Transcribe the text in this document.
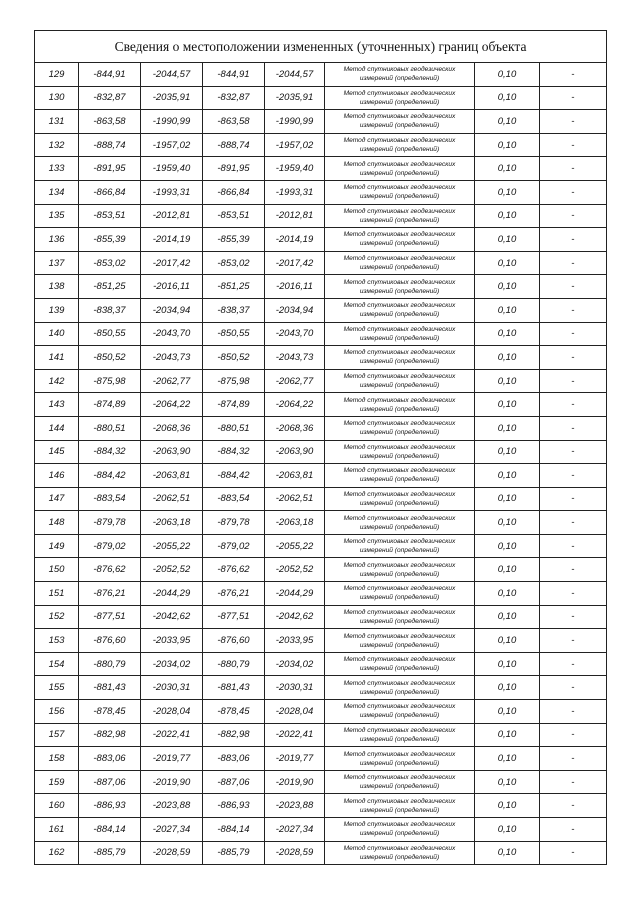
Сведения о местоположении измененных (уточненных) границ объекта							
129	-844,91	-2044,57	-844,91	-2044,57	Метод спутниковых геодезических
измерений (определений)	0,10	-
130	-832,87	-2035,91	-832,87	-2035,91	Метод спутниковых геодезических
измерений (определений)	0,10	-
131	-863,58	-1990,99	-863,58	-1990,99	Метод спутниковых геодезических
измерений (определений)	0,10	-
132	-888,74	-1957,02	-888,74	-1957,02	Метод спутниковых геодезических
измерений (определений)	0,10	-
133	-891,95	-1959,40	-891,95	-1959,40	Метод спутниковых геодезических
измерений (определений)	0,10	-
134	-866,84	-1993,31	-866,84	-1993,31	Метод спутниковых геодезических
измерений (определений)	0,10	-
135	-853,51	-2012,81	-853,51	-2012,81	Метод спутниковых геодезических
измерений (определений)	0,10	-
136	-855,39	-2014,19	-855,39	-2014,19	Метод спутниковых геодезических
измерений (определений)	0,10	-
137	-853,02	-2017,42	-853,02	-2017,42	Метод спутниковых геодезических
измерений (определений)	0,10	-
138	-851,25	-2016,11	-851,25	-2016,11	Метод спутниковых геодезических
измерений (определений)	0,10	-
139	-838,37	-2034,94	-838,37	-2034,94	Метод спутниковых геодезических
измерений (определений)	0,10	-
140	-850,55	-2043,70	-850,55	-2043,70	Метод спутниковых геодезических
измерений (определений)	0,10	-
141	-850,52	-2043,73	-850,52	-2043,73	Метод спутниковых геодезических
измерений (определений)	0,10	-
142	-875,98	-2062,77	-875,98	-2062,77	Метод спутниковых геодезических
измерений (определений)	0,10	-
143	-874,89	-2064,22	-874,89	-2064,22	Метод спутниковых геодезических
измерений (определений)	0,10	-
144	-880,51	-2068,36	-880,51	-2068,36	Метод спутниковых геодезических
измерений (определений)	0,10	-
145	-884,32	-2063,90	-884,32	-2063,90	Метод спутниковых геодезических
измерений (определений)	0,10	-
146	-884,42	-2063,81	-884,42	-2063,81	Метод спутниковых геодезических
измерений (определений)	0,10	-
147	-883,54	-2062,51	-883,54	-2062,51	Метод спутниковых геодезических
измерений (определений)	0,10	-
148	-879,78	-2063,18	-879,78	-2063,18	Метод спутниковых геодезических
измерений (определений)	0,10	-
149	-879,02	-2055,22	-879,02	-2055,22	Метод спутниковых геодезических
измерений (определений)	0,10	-
150	-876,62	-2052,52	-876,62	-2052,52	Метод спутниковых геодезических
измерений (определений)	0,10	-
151	-876,21	-2044,29	-876,21	-2044,29	Метод спутниковых геодезических
измерений (определений)	0,10	-
152	-877,51	-2042,62	-877,51	-2042,62	Метод спутниковых геодезических
измерений (определений)	0,10	-
153	-876,60	-2033,95	-876,60	-2033,95	Метод спутниковых геодезических
измерений (определений)	0,10	-
154	-880,79	-2034,02	-880,79	-2034,02	Метод спутниковых геодезических
измерений (определений)	0,10	-
155	-881,43	-2030,31	-881,43	-2030,31	Метод спутниковых геодезических
измерений (определений)	0,10	-
156	-878,45	-2028,04	-878,45	-2028,04	Метод спутниковых геодезических
измерений (определений)	0,10	-
157	-882,98	-2022,41	-882,98	-2022,41	Метод спутниковых геодезических
измерений (определений)	0,10	-
158	-883,06	-2019,77	-883,06	-2019,77	Метод спутниковых геодезических
измерений (определений)	0,10	-
159	-887,06	-2019,90	-887,06	-2019,90	Метод спутниковых геодезических
измерений (определений)	0,10	-
160	-886,93	-2023,88	-886,93	-2023,88	Метод спутниковых геодезических
измерений (определений)	0,10	-
161	-884,14	-2027,34	-884,14	-2027,34	Метод спутниковых геодезических
измерений (определений)	0,10	-
162	-885,79	-2028,59	-885,79	-2028,59	Метод спутниковых геодезических
измерений (определений)	0,10	-
